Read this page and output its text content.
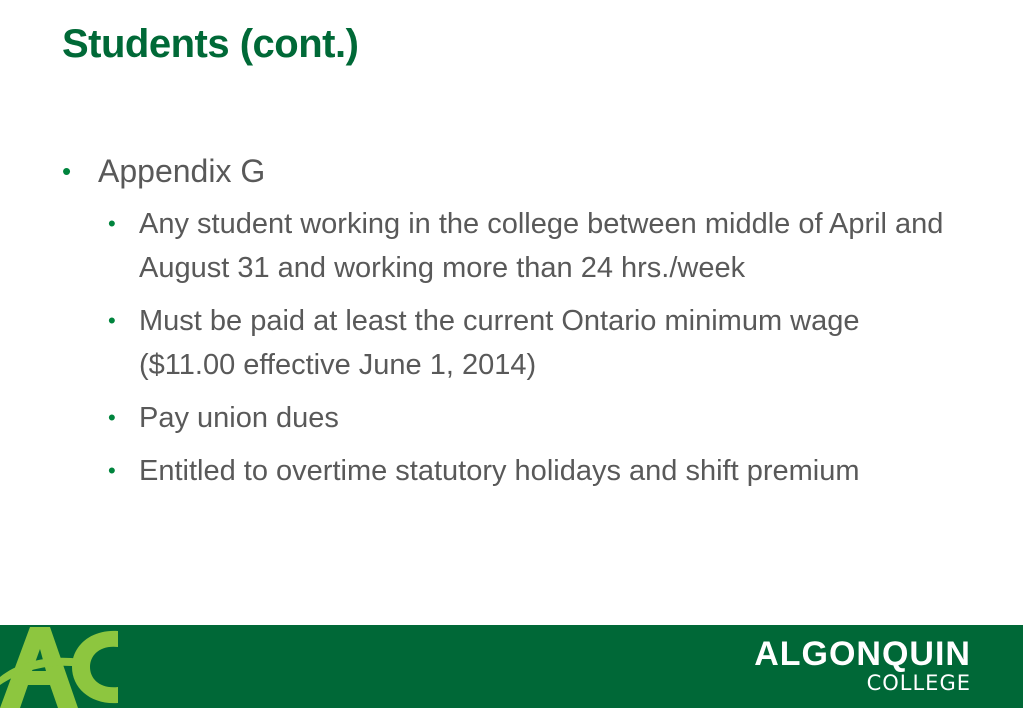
Students (cont.)
• Appendix G
• Any student working in the college between middle of April and August 31 and working more than 24 hrs./week
• Must be paid at least the current Ontario minimum wage ($11.00 effective June 1, 2014)
• Pay union dues
• Entitled to overtime statutory holidays and shift premium
ALGONQUIN
COLLEGE
